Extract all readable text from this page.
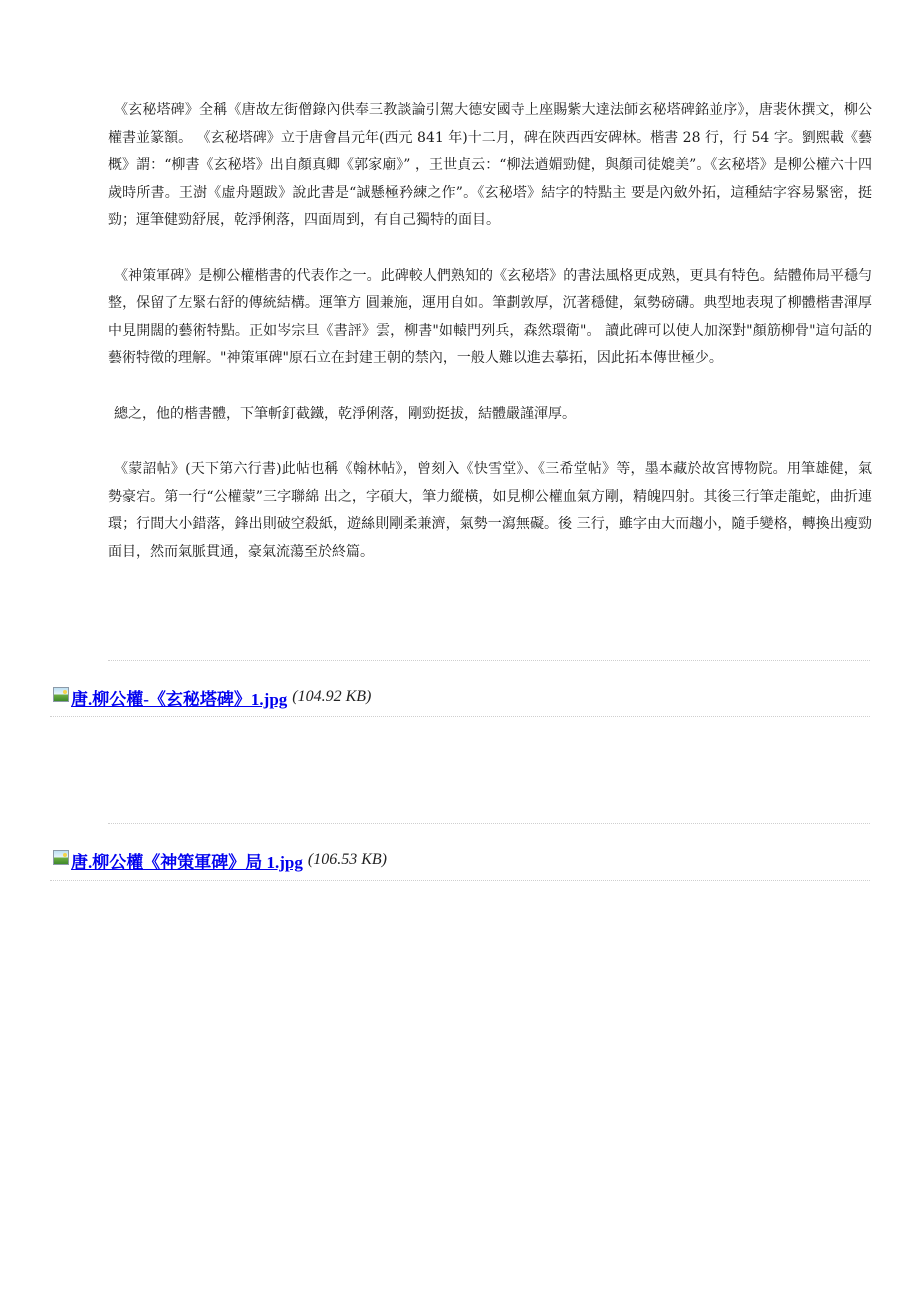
《玄秘塔碑》全稱《唐故左街僧錄內供奉三教談論引駕大德安國寺上座賜紫大達法師玄秘塔碑銘並序》，唐裴休撰文，柳公權書並篆額。 《玄秘塔碑》立于唐會昌元年(西元 841 年)十二月，碑在陝西西安碑林。楷書 28 行，行 54 字。劉熙載《藝概》謂：“柳書《玄秘塔》出自顏真卿《郭家廟》” ，王世貞云：“柳法遒媚勁健，與顏司徒媲美”。《玄秘塔》是柳公權六十四歲時所書。王澍《虛舟題跋》說此書是“誠懸極矜練之作”。《玄秘塔》結字的特點主 要是內斂外拓，這種結字容易緊密，挺勁；運筆健勁舒展，乾淨俐落，四面周到，有自己獨特的面目。

《神策軍碑》是柳公權楷書的代表作之一。此碑較人們熟知的《玄秘塔》的書法風格更成熟，更具有特色。結體佈局平穩勻整，保留了左緊右舒的傳統結構。運筆方 圓兼施，運用自如。筆劃敦厚，沉著穩健，氣勢磅礴。典型地表現了柳體楷書渾厚中見開闊的藝術特點。正如岑宗旦《書評》雲，柳書"如轅門列兵，森然環衛"。 讀此碑可以使人加深對"顏筋柳骨"這句話的藝術特徵的理解。"神策軍碑"原石立在封建王朝的禁內，一般人難以進去摹拓，因此拓本傳世極少。

總之，他的楷書體，下筆斬釘截鐵，乾淨俐落，剛勁挺拔，結體嚴謹渾厚。

《蒙詔帖》(天下第六行書)此帖也稱《翰林帖》，曾刻入《快雪堂》、《三希堂帖》等，墨本藏於故宮博物院。用筆雄健，氣勢豪宕。第一行“公權蒙”三字聯綿 出之，字碩大，筆力縱橫，如見柳公權血氣方剛，精魄四射。其後三行筆走龍蛇，曲折連環；行間大小錯落，鋒出則破空殺紙，遊絲則剛柔兼濟，氣勢一瀉無礙。後 三行，雖字由大而趨小，隨手變格，轉換出瘦勁面目，然而氣脈貫通，豪氣流蕩至於終篇。

唐.柳公權-《玄秘塔碑》1.jpg (104.92 KB)
唐.柳公權《神策軍碑》局 1.jpg (106.53 KB)
